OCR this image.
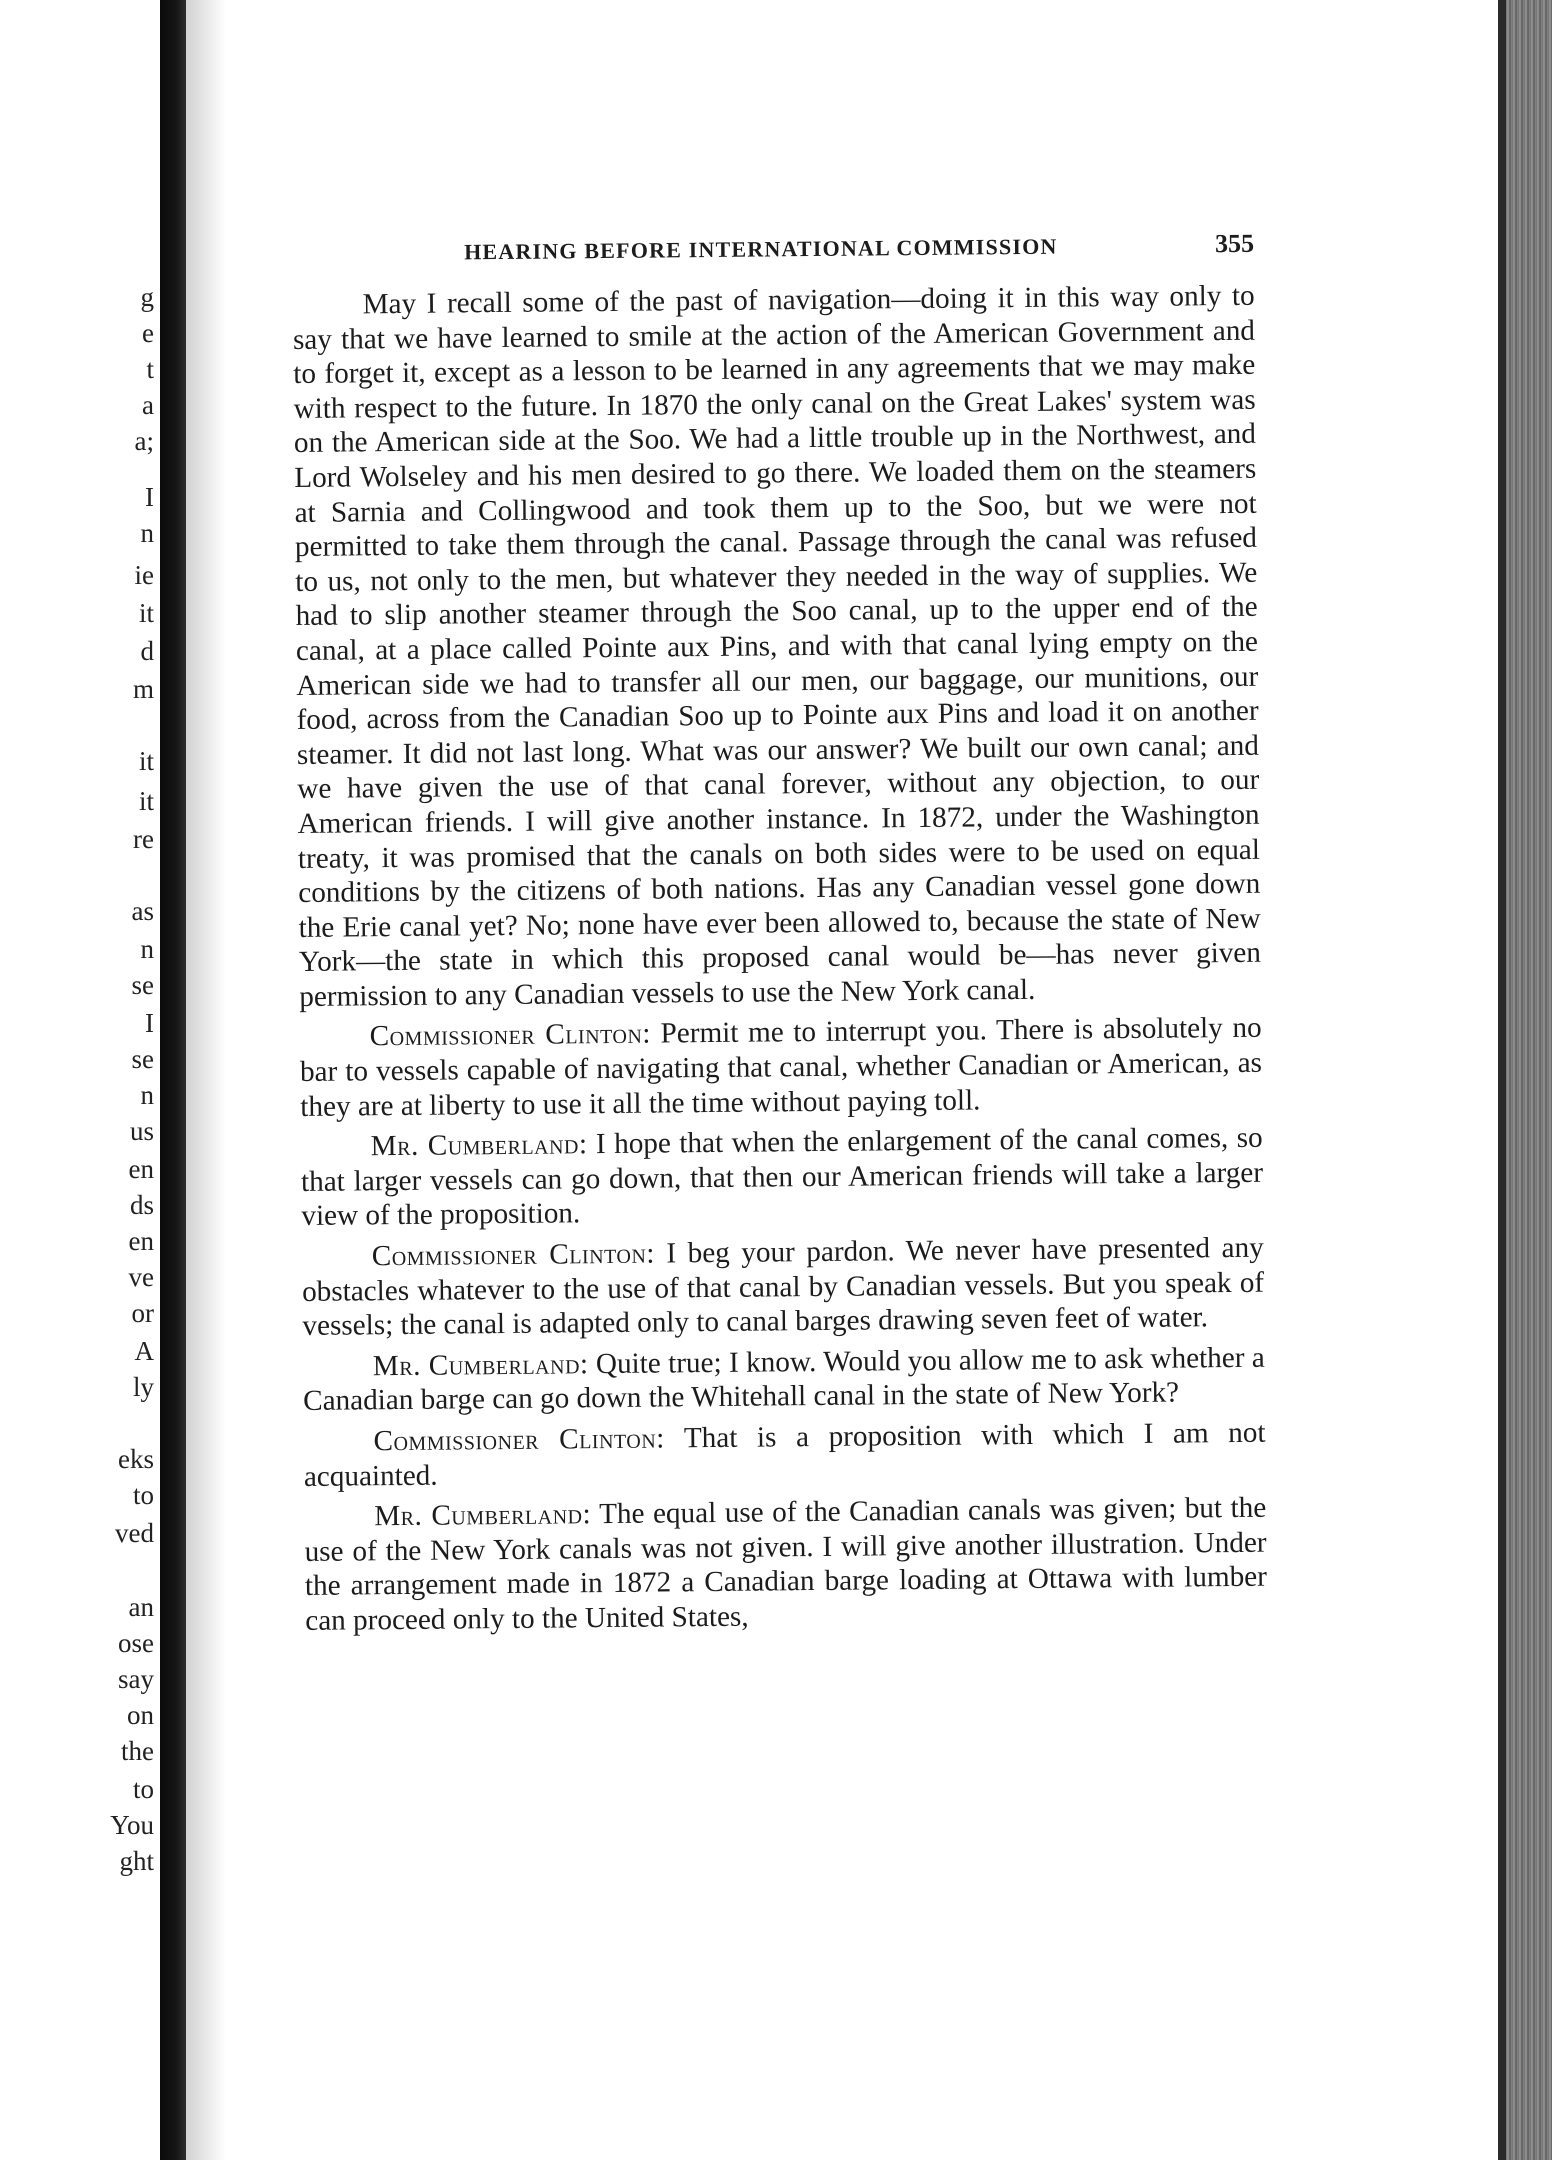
g
e
t
a
a;
I
n
ie
it
d
m
it
it
re
as
n
se
I
se
n
us
en
ds
en
ve
or
A
ly
eks
to
ved
an
ose
say
on
the
to
You
ght
HEARING BEFORE INTERNATIONAL COMMISSION	355

May I recall some of the past of navigation—doing it in this way only to say that we have learned to smile at the action of the American Government and to forget it, except as a lesson to be learned in any agreements that we may make with respect to the future. In 1870 the only canal on the Great Lakes' system was on the American side at the Soo. We had a little trouble up in the Northwest, and Lord Wolseley and his men desired to go there. We loaded them on the steamers at Sarnia and Collingwood and took them up to the Soo, but we were not permitted to take them through the canal. Passage through the canal was refused to us, not only to the men, but whatever they needed in the way of supplies. We had to slip another steamer through the Soo canal, up to the upper end of the canal, at a place called Pointe aux Pins, and with that canal lying empty on the American side we had to transfer all our men, our baggage, our munitions, our food, across from the Canadian Soo up to Pointe aux Pins and load it on another steamer. It did not last long. What was our answer? We built our own canal; and we have given the use of that canal forever, without any objection, to our American friends. I will give another instance. In 1872, under the Washington treaty, it was promised that the canals on both sides were to be used on equal conditions by the citizens of both nations. Has any Canadian vessel gone down the Erie canal yet? No; none have ever been allowed to, because the state of New York—the state in which this proposed canal would be—has never given permission to any Canadian vessels to use the New York canal.

Commissioner Clinton: Permit me to interrupt you. There is absolutely no bar to vessels capable of navigating that canal, whether Canadian or American, as they are at liberty to use it all the time without paying toll.

Mr. Cumberland: I hope that when the enlargement of the canal comes, so that larger vessels can go down, that then our American friends will take a larger view of the proposition.

Commissioner Clinton: I beg your pardon. We never have presented any obstacles whatever to the use of that canal by Canadian vessels. But you speak of vessels; the canal is adapted only to canal barges drawing seven feet of water.

Mr. Cumberland: Quite true; I know. Would you allow me to ask whether a Canadian barge can go down the Whitehall canal in the state of New York?

Commissioner Clinton: That is a proposition with which I am not acquainted.

Mr. Cumberland: The equal use of the Canadian canals was given; but the use of the New York canals was not given. I will give another illustration. Under the arrangement made in 1872 a Canadian barge loading at Ottawa with lumber can proceed only to the United States,
